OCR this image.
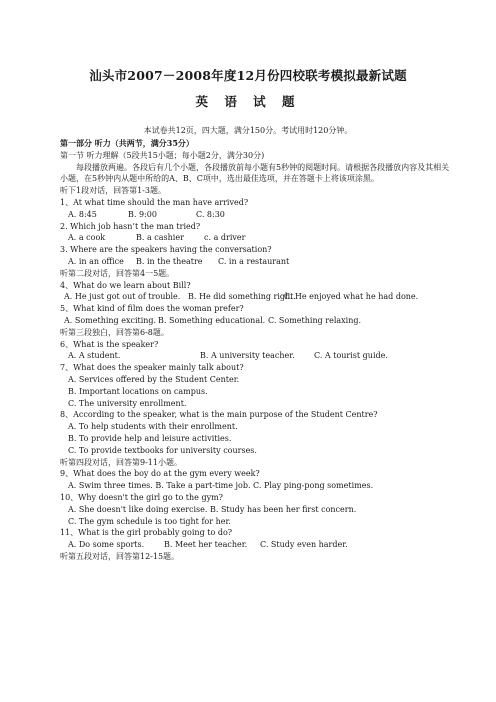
汕头市2007－2008年度12月份四校联考模拟最新试题
英 语 试 题
本试卷共12页，四大题，满分150分。考试用时120分钟。
第一部分 听力（共两节，满分35分）
第一节 听力理解（5段共15小题；每小题2分，满分30分)
每段播放两遍。各段后有几个小题，各段播放前每小题有5秒钟的阅题时间。请根据各段播放内容及其相关小题，在5秒钟内从题中所给的A、B、C项中，选出最佳选项，并在答题卡上将该项涂黑。
听下1段对话，回答第1-3题。
1、At what time should the man have arrived?
A. 8:45	B. 9:00	C. 8:30
2. Which job hasn’t the man tried?
A. a cook	B. a cashier	c. a driver
3. Where are the speakers having the conversation?
A. in an office B. in the theatre C. in a restaurant
听第二段对话，回答第4一5题。
4、What do we learn about Bill?
A. He just got out of trouble. B. He did something right.C. He enjoyed what he had done.
5、What kind of film does the woman prefer?
A. Something exciting. B. Something educational. C. Something relaxing.
听第三段独白，回答第6-8题。
6、What is the speaker?
A. A student.	B. A university teacher. C. A tourist guide.
7、What does the speaker mainly talk about?
A. Services offered by the Student Center.
B. Important locations on campus.
C. The university enrollment.
8、According to the speaker, what is the main purpose of the Student Centre?
A. To help students with their enrollment.
B. To provide help and leisure activities.
C. To provide textbooks for university courses.
听第四段对话，回答第9-11小题。
9、What does the boy do at the gym every week?
A. Swim three times. B. Take a part-time job. C. Play ping-pong sometimes.
10、Why doesn't the girl go to the gym?
A. She doesn't like doing exercise. B. Study has been her first concern.
C. The gym schedule is too tight for her.
11、What is the girl probably going to do?
A. Do some sports. B. Meet her teacher. C. Study even harder.
听第五段对话，回答第12-15题。
